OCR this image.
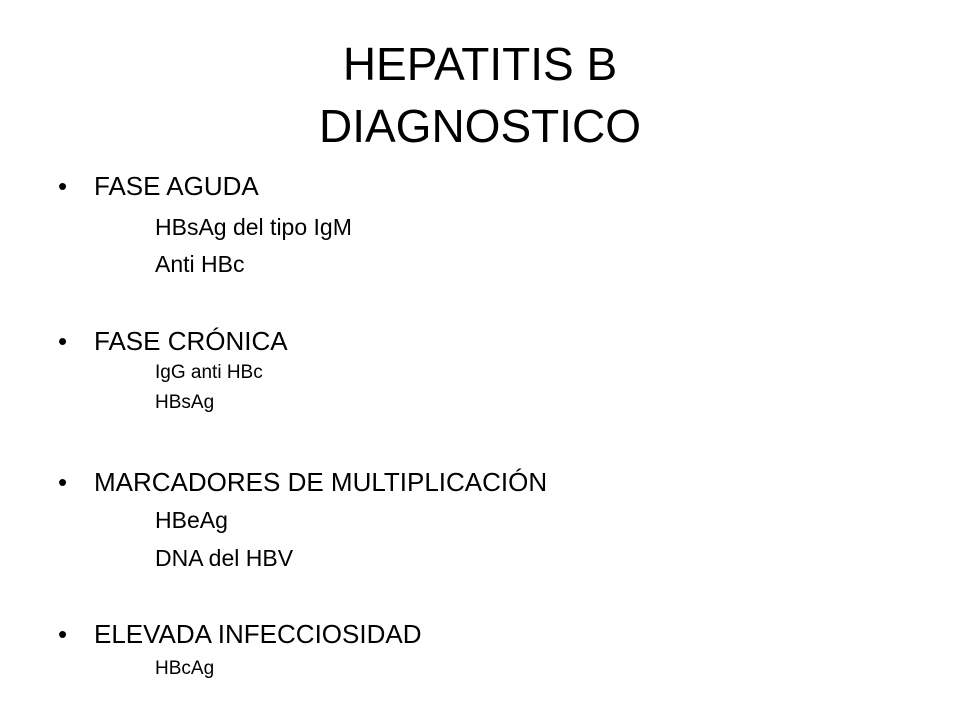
HEPATITIS B
DIAGNOSTICO
• FASE AGUDA
HBsAg del tipo IgM
Anti HBc
• FASE CRÓNICA
IgG anti HBc
HBsAg
• MARCADORES DE MULTIPLICACIÓN
HBeAg
DNA del HBV
• ELEVADA INFECCIOSIDAD
HBcAg
